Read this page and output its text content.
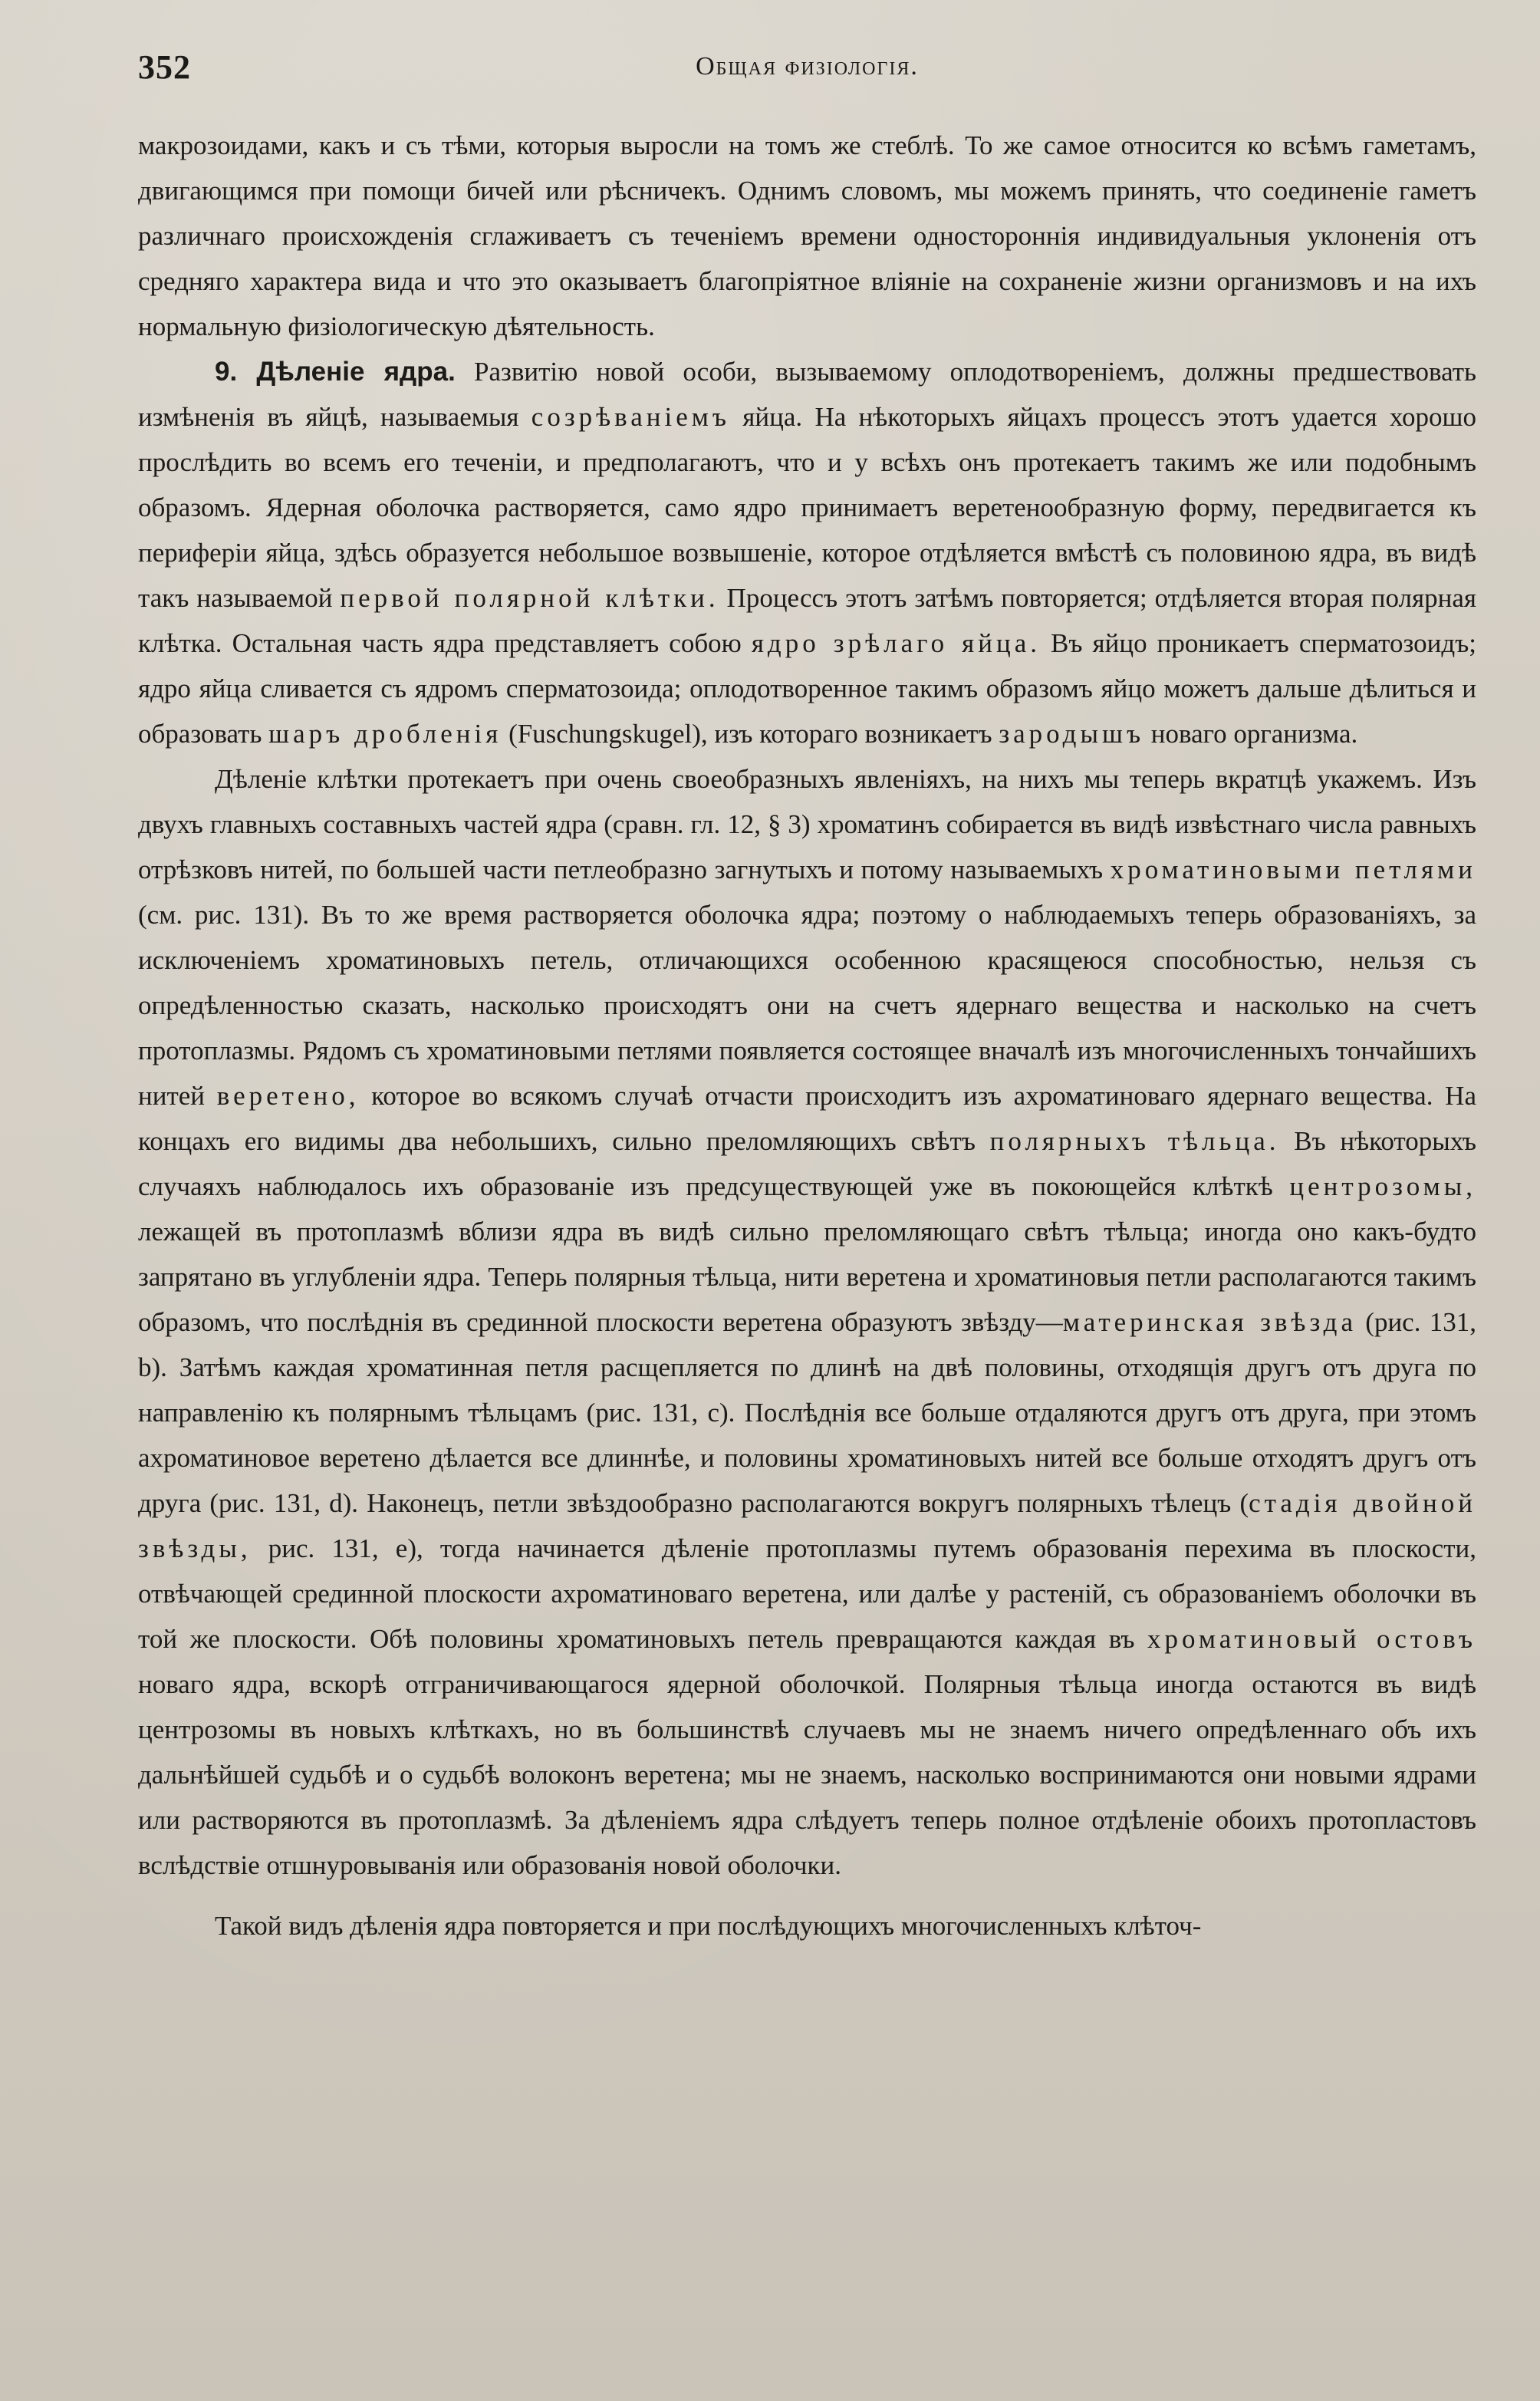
352	Общая физiологiя.

макрозоидами, какъ и съ тѣми, которыя выросли на томъ же стеблѣ. То же самое относится ко всѣмъ гаметамъ, двигающимся при помощи бичей или рѣсничекъ. Однимъ словомъ, мы можемъ принять, что соединенiе гаметъ различнаго происхожденiя сглаживаетъ съ теченiемъ времени одностороннiя индивидуальныя уклоненiя отъ средняго характера вида и что это оказываетъ благопрiятное влiянiе на сохраненiе жизни организмовъ и на ихъ нормальную физiологическую дѣятельность.

9. Дѣленiе ядра. Развитiю новой особи, вызываемому оплодотворенiемъ, должны предшествовать измѣненiя въ яйцѣ, называемыя созрѣванiемъ яйца. На нѣкоторыхъ яйцахъ процессъ этотъ удается хорошо прослѣдить во всемъ его теченiи, и предполагаютъ, что и у всѣхъ онъ протекаетъ такимъ же или подобнымъ образомъ. Ядерная оболочка растворяется, само ядро принимаетъ веретенообразную форму, передвигается къ периферiи яйца, здѣсь образуется небольшое возвышенiе, которое отдѣляется вмѣстѣ съ половиною ядра, въ видѣ такъ называемой первой полярной клѣтки. Процессъ этотъ затѣмъ повторяется; отдѣляется вторая полярная клѣтка. Остальная часть ядра представляетъ собою ядро зрѣлаго яйца. Въ яйцо проникаетъ сперматозоидъ; ядро яйца сливается съ ядромъ сперматозоида; оплодотворенное такимъ образомъ яйцо можетъ дальше дѣлиться и образовать шаръ дробленiя (Fuschungskugel), изъ котораго возникаетъ зародышъ новаго организма.

Дѣленiе клѣтки протекаетъ при очень своеобразныхъ явленiяхъ, на нихъ мы теперь вкратцѣ укажемъ. Изъ двухъ главныхъ составныхъ частей ядра (сравн. гл. 12, § 3) хроматинъ собирается въ видѣ извѣстнаго числа равныхъ отрѣзковъ нитей, по большей части петлеобразно загнутыхъ и потому называемыхъ хроматиновыми петлями (см. рис. 131). Въ то же время растворяется оболочка ядра; поэтому о наблюдаемыхъ теперь образованiяхъ, за исключенiемъ хроматиновыхъ петель, отличающихся особенною красящеюся способностью, нельзя съ опредѣленностью сказать, насколько происходятъ они на счетъ ядернаго вещества и насколько на счетъ протоплазмы. Рядомъ съ хроматиновыми петлями появляется состоящее вначалѣ изъ многочисленныхъ тончайшихъ нитей веретено, которое во всякомъ случаѣ отчасти происходитъ изъ ахроматиноваго ядернаго вещества. На концахъ его видимы два небольшихъ, сильно преломляющихъ свѣтъ полярныхъ тѣльца. Въ нѣкоторыхъ случаяхъ наблюдалось ихъ образованiе изъ предсуществующей уже въ покоющейся клѣткѣ центрозомы, лежащей въ протоплазмѣ вблизи ядра въ видѣ сильно преломляющаго свѣтъ тѣльца; иногда оно какъ-будто запрятано въ углубленiи ядра. Теперь полярныя тѣльца, нити веретена и хроматиновыя петли располагаются такимъ образомъ, что послѣднiя въ срединной плоскости веретена образуютъ звѣзду—материнская звѣзда (рис. 131, b). Затѣмъ каждая хроматинная петля расщепляется по длинѣ на двѣ половины, отходящiя другъ отъ друга по направленiю къ полярнымъ тѣльцамъ (рис. 131, c). Послѣднiя все больше отдаляются другъ отъ друга, при этомъ ахроматиновое веретено дѣлается все длиннѣе, и половины хроматиновыхъ нитей все больше отходятъ другъ отъ друга (рис. 131, d). Наконецъ, петли звѣздообразно располагаются вокругъ полярныхъ тѣлецъ (стадiя двойной звѣзды, рис. 131, e), тогда начинается дѣленiе протоплазмы путемъ образованiя перехима въ плоскости, отвѣчающей срединной плоскости ахроматиноваго веретена, или далѣе у растенiй, съ образованiемъ оболочки въ той же плоскости. Обѣ половины хроматиновыхъ петель превращаются каждая въ хроматиновый остовъ новаго ядра, вскорѣ отграничивающагося ядерной оболочкой. Полярныя тѣльца иногда остаются въ видѣ центрозомы въ новыхъ клѣткахъ, но въ большинствѣ случаевъ мы не знаемъ ничего опредѣленнаго объ ихъ дальнѣйшей судьбѣ и о судьбѣ волоконъ веретена; мы не знаемъ, насколько воспринимаются они новыми ядрами или растворяются въ протоплазмѣ. За дѣленiемъ ядра слѣдуетъ теперь полное отдѣленiе обоихъ протопластовъ вслѣдствiе отшнуровыванiя или образованiя новой оболочки.

Такой видъ дѣленiя ядра повторяется и при послѣдующихъ многочисленныхъ клѣточ-
